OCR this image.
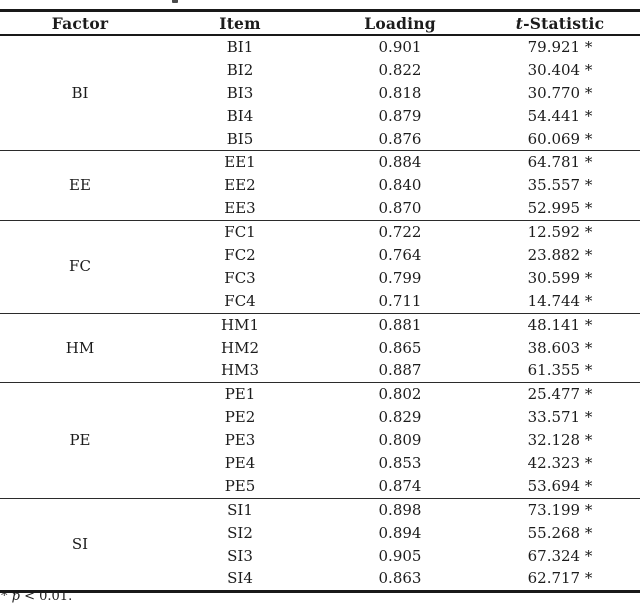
Factor	Item	Loading	t-Statistic
BI	BI1	0.901	79.921 *
	BI2	0.822	30.404 *
	BI3	0.818	30.770 *
	BI4	0.879	54.441 *
	BI5	0.876	60.069 *
EE	EE1	0.884	64.781 *
	EE2	0.840	35.557 *
	EE3	0.870	52.995 *
FC	FC1	0.722	12.592 *
	FC2	0.764	23.882 *
	FC3	0.799	30.599 *
	FC4	0.711	14.744 *
HM	HM1	0.881	48.141 *
	HM2	0.865	38.603 *
	HM3	0.887	61.355 *
PE	PE1	0.802	25.477 *
	PE2	0.829	33.571 *
	PE3	0.809	32.128 *
	PE4	0.853	42.323 *
	PE5	0.874	53.694 *
SI	SI1	0.898	73.199 *
	SI2	0.894	55.268 *
	SI3	0.905	67.324 *
	SI4	0.863	62.717 *
* p < 0.01.
